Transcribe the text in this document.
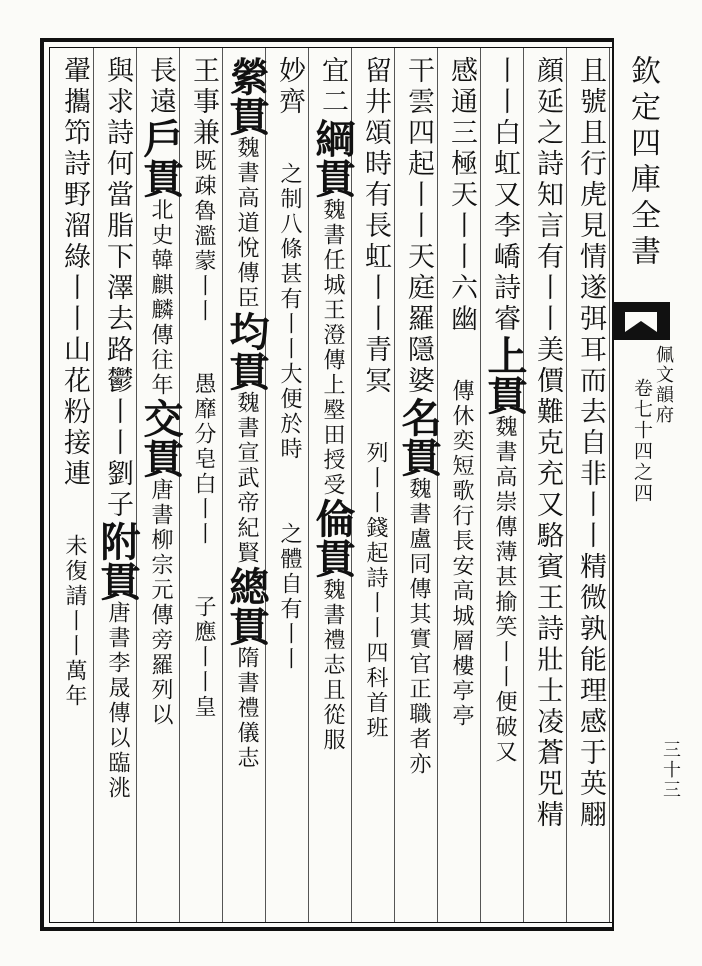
欽定四庫全書
佩文韻府
卷七十四之四
三十三
且號且行虎見情遂弭耳而去自非丨丨精微孰能理感于英翢
顔延之詩知言有丨丨美價難克充又駱賓王詩壯士凌蒼兕精
丨丨白虹又李嶠詩睿上貫魏書高崇傳薄甚揄笑丨丨便破又
感通三極天丨丨六幽傳休奕短歌行長安高城層樓亭亭
干雲四起丨丨天庭羅隱婆名貫魏書盧同傳其實官正職者亦
留井頌時有長虹丨丨青冥列丨丨錢起詩丨丨四科首班
宜二綱貫魏書任城王澄傳上壂田授受倫貫魏書禮志且從服
妙齊之制八條甚有丨丨大便於時之體自有丨丨
縈貫魏書高道悅傳臣均貫魏書宣武帝紀賢總貫隋書禮儀志
王事兼既疎魯濫蒙丨丨愚靡分皂白丨丨子應丨丨皇
長遠戶貫北史韓麒麟傳往年交貫唐書柳宗元傳旁羅列以
與求詩何當脂下澤去路鬱丨丨劉子附貫唐書李晟傳以臨洮
翬攜笻詩野溜綠丨丨山花粉接連未復請丨丨萬年
